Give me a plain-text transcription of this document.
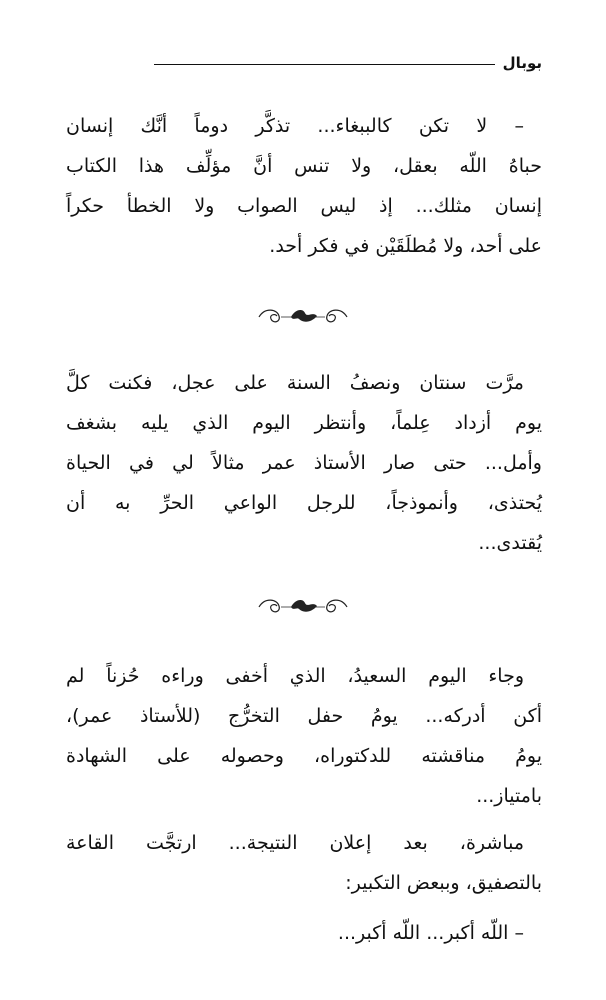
بوبال
– لا تكن كالببغاء... تذكَّر دوماً أنَّك إنسان
حباهُ اللّه بعقل، ولا تنس أنَّ مؤلِّف هذا الكتاب
إنسان مثلك... إذ ليس الصواب ولا الخطأ حكراً
على أحد، ولا مُطلَقَيْن في فكر أحد.
مرَّت سنتان ونصفُ السنة على عجل، فكنت كلَّ
يوم أزداد عِلماً، وأنتظر اليوم الذي يليه بشغف
وأمل... حتى صار الأستاذ عمر مثالاً لي في الحياة
يُحتذى، وأنموذجاً، للرجل الواعي الحرِّ به أن
يُقتدى...
وجاء اليوم السعيدُ، الذي أخفى وراءه حُزناً لم
أكن أدركه... يومُ حفل التخرُّج (للأستاذ عمر)،
يومُ مناقشته للدكتوراه، وحصوله على الشهادة
بامتياز...
مباشرة، بعد إعلان النتيجة... ارتجَّت القاعة
بالتصفيق، وببعض التكبير:
– اللّه أكبر... اللّه أكبر...
